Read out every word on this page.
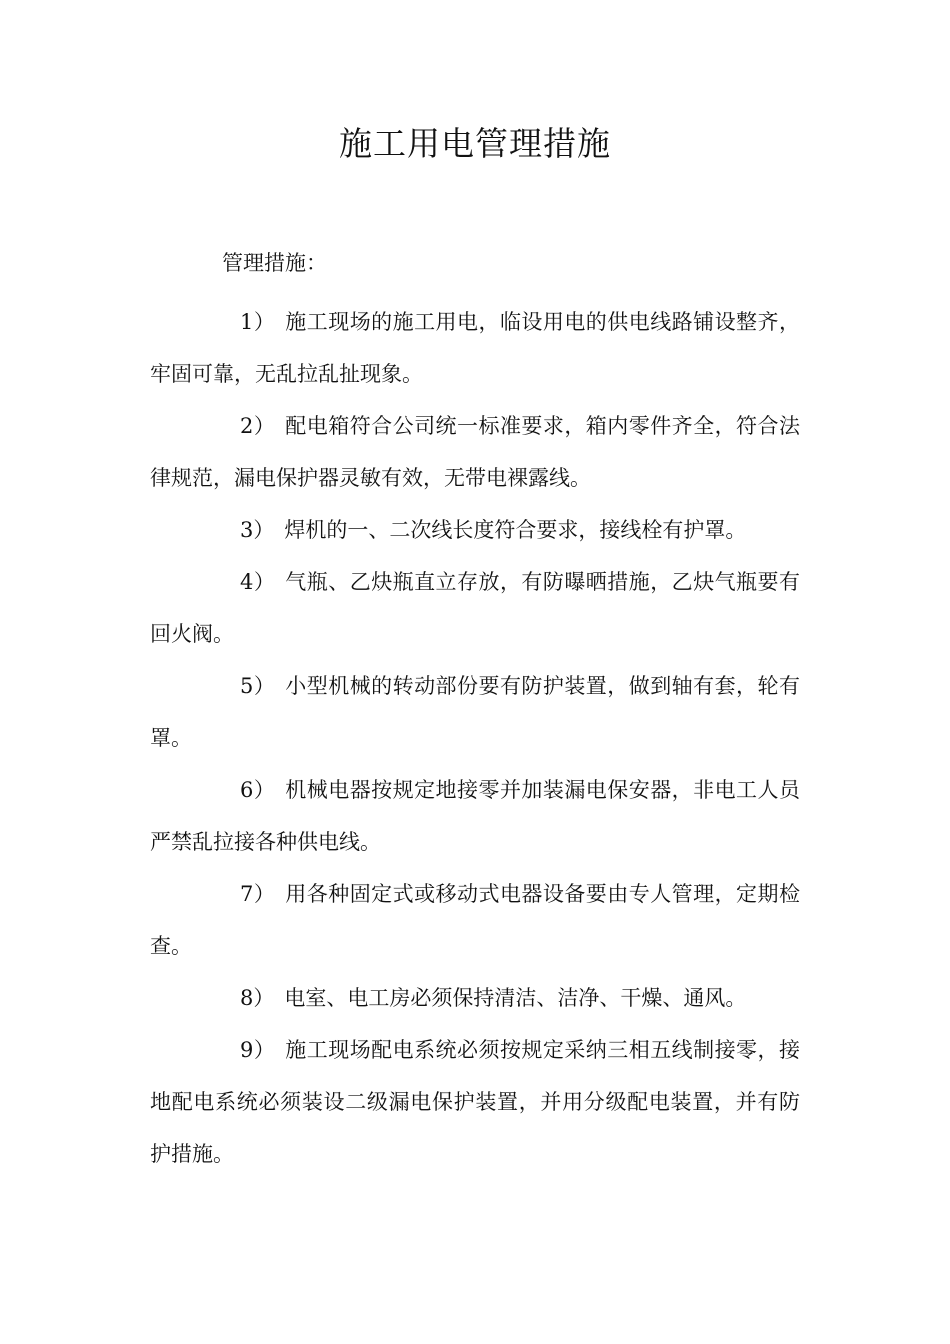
施工用电管理措施
管理措施：

1） 施工现场的施工用电，临设用电的供电线路铺设整齐，牢固可靠，无乱拉乱扯现象。

2） 配电箱符合公司统一标准要求，箱内零件齐全，符合法律规范，漏电保护器灵敏有效，无带电裸露线。

3） 焊机的一、二次线长度符合要求，接线栓有护罩。

4） 气瓶、乙炔瓶直立存放，有防曝晒措施，乙炔气瓶要有回火阀。

5） 小型机械的转动部份要有防护装置，做到轴有套，轮有罩。

6） 机械电器按规定地接零并加装漏电保安器，非电工人员严禁乱拉接各种供电线。

7） 用各种固定式或移动式电器设备要由专人管理，定期检查。

8） 电室、电工房必须保持清洁、洁净、干燥、通风。

9） 施工现场配电系统必须按规定采纳三相五线制接零，接地配电系统必须装设二级漏电保护装置，并用分级配电装置，并有防护措施。
